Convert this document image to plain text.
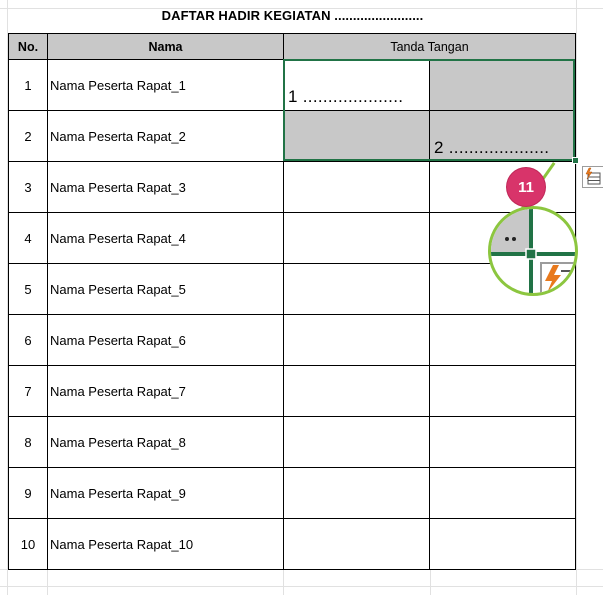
DAFTAR HADIR KEGIATAN ........................
No.	Nama	Tanda Tangan	
1	Nama Peserta Rapat_1	1 ....................	

2	Nama Peserta Rapat_2		2 ....................

3	Nama Peserta Rapat_3		
4	Nama Peserta Rapat_4		
5	Nama Peserta Rapat_5		
6	Nama Peserta Rapat_6		
7	Nama Peserta Rapat_7		
8	Nama Peserta Rapat_8		
9	Nama Peserta Rapat_9		
10	Nama Peserta Rapat_10		
11
